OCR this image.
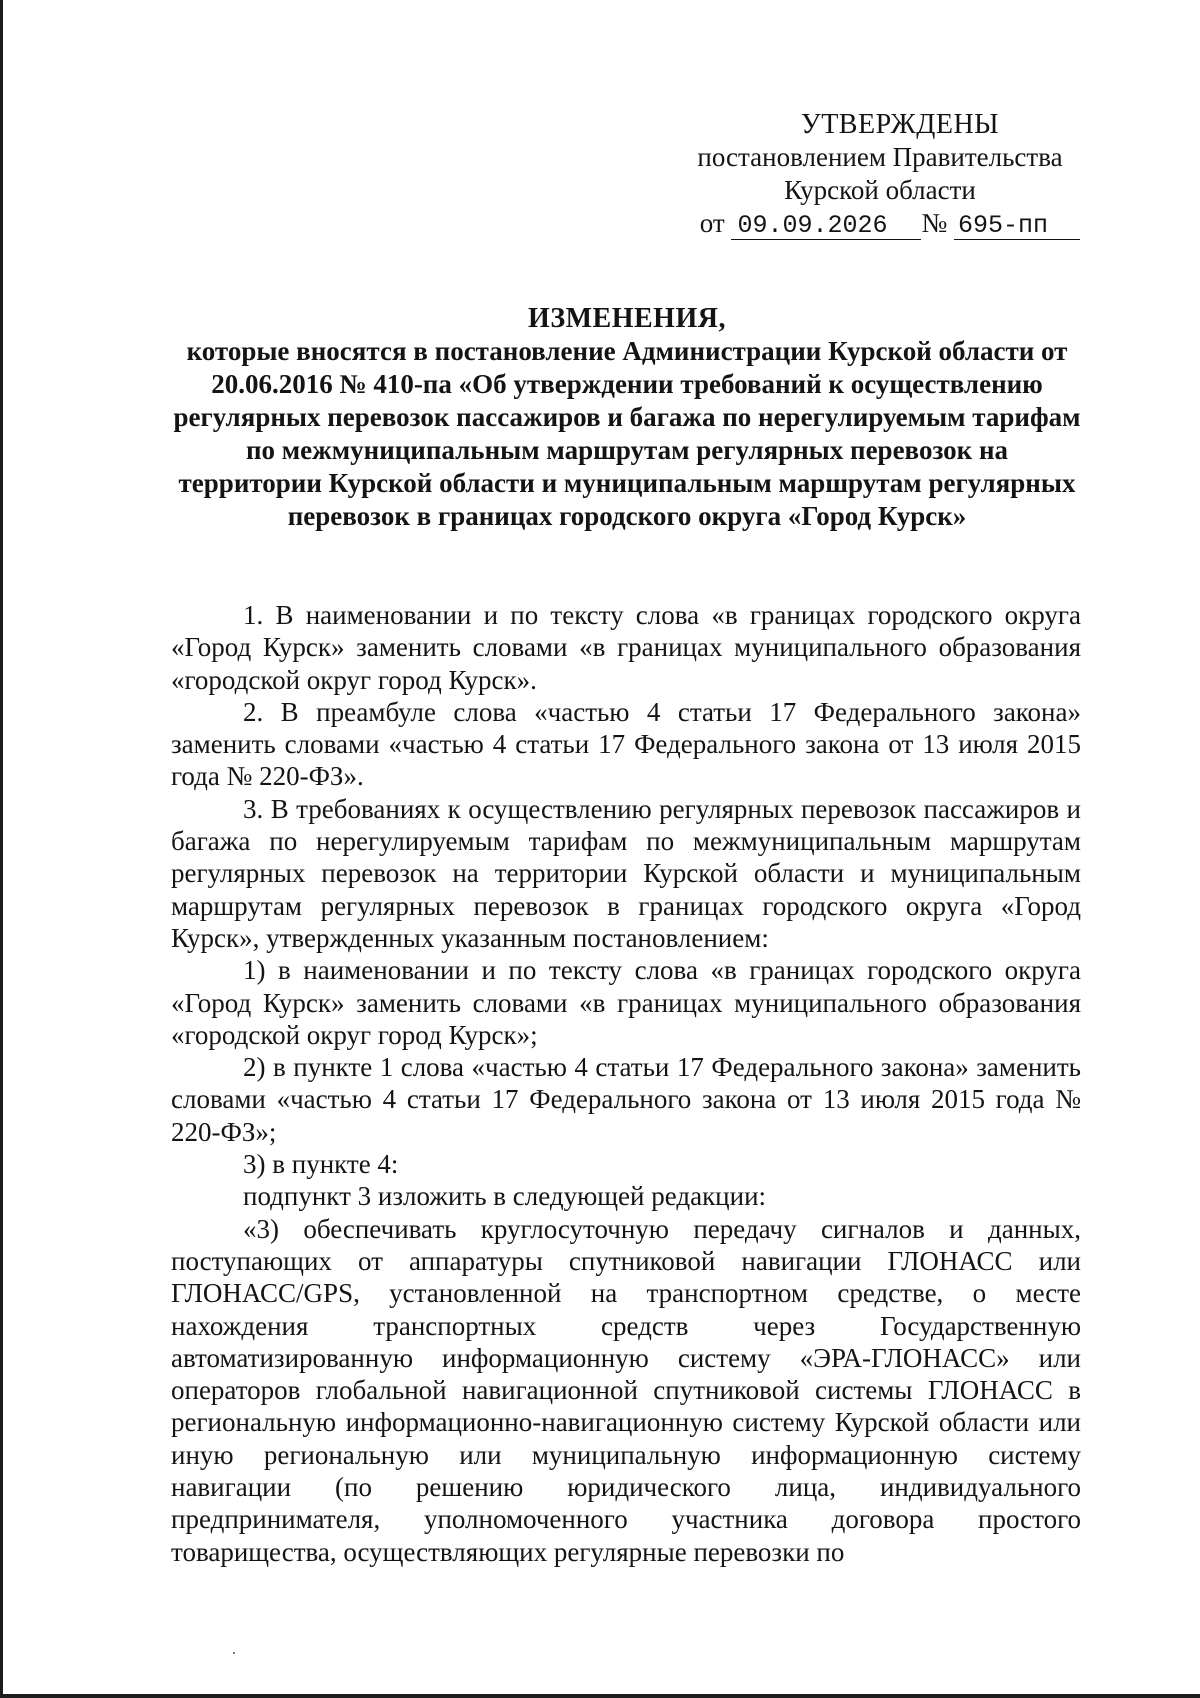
УТВЕРЖДЕНЫ
постановлением Правительства
Курской области
от 09.09.2026 № 695-пп
ИЗМЕНЕНИЯ,
которые вносятся в постановление Администрации Курской области от 20.06.2016 № 410-па «Об утверждении требований к осуществлению регулярных перевозок пассажиров и багажа по нерегулируемым тарифам по межмуниципальным маршрутам регулярных перевозок на территории Курской области и муниципальным маршрутам регулярных перевозок в границах городского округа «Город Курск»

1. В наименовании и по тексту слова «в границах городского округа «Город Курск» заменить словами «в границах муниципального образования «городской округ город Курск».

2. В преамбуле слова «частью 4 статьи 17 Федерального закона» заменить словами «частью 4 статьи 17 Федерального закона от 13 июля 2015 года № 220-ФЗ».

3. В требованиях к осуществлению регулярных перевозок пассажиров и багажа по нерегулируемым тарифам по межмуниципальным маршрутам регулярных перевозок на территории Курской области и муниципальным маршрутам регулярных перевозок в границах городского округа «Город Курск», утвержденных указанным постановлением:

1) в наименовании и по тексту слова «в границах городского округа «Город Курск» заменить словами «в границах муниципального образования «городской округ город Курск»;

2) в пункте 1 слова «частью 4 статьи 17 Федерального закона» заменить словами «частью 4 статьи 17 Федерального закона от 13 июля 2015 года № 220-ФЗ»;

3) в пункте 4:

подпункт 3 изложить в следующей редакции:

«3) обеспечивать круглосуточную передачу сигналов и данных, поступающих от аппаратуры спутниковой навигации ГЛОНАСС или ГЛОНАСС/GPS, установленной на транспортном средстве, о месте нахождения транспортных средств через Государственную автоматизированную информационную систему «ЭРА-ГЛОНАСС» или операторов глобальной навигационной спутниковой системы ГЛОНАСС в региональную информационно-навигационную систему Курской области или иную региональную или муниципальную информационную систему навигации (по решению юридического лица, индивидуального предпринимателя, уполномоченного участника договора простого товарищества, осуществляющих регулярные перевозки по
